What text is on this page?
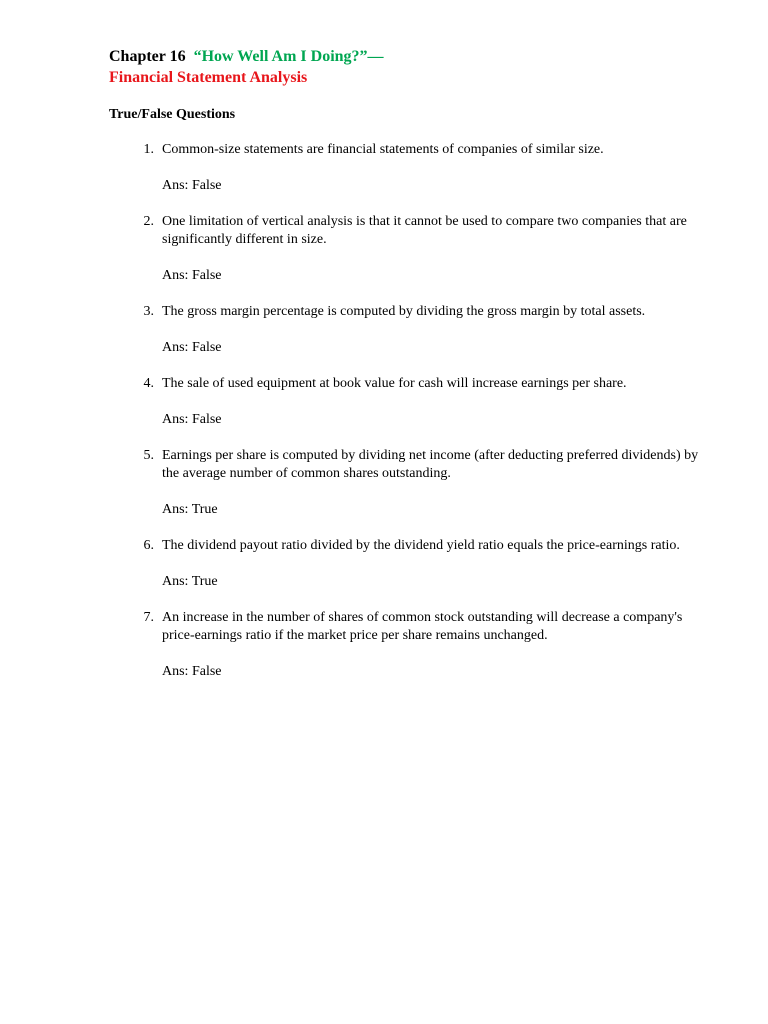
Chapter 16 “How Well Am I Doing?”—

Financial Statement Analysis

True/False Questions

1. Common-size statements are financial statements of companies of similar size.

Ans: False

2. One limitation of vertical analysis is that it cannot be used to compare two companies that are significantly different in size.

Ans: False

3. The gross margin percentage is computed by dividing the gross margin by total assets.

Ans: False

4. The sale of used equipment at book value for cash will increase earnings per share.

Ans: False

5. Earnings per share is computed by dividing net income (after deducting preferred dividends) by the average number of common shares outstanding.

Ans: True

6. The dividend payout ratio divided by the dividend yield ratio equals the price-earnings ratio.

Ans: True

7. An increase in the number of shares of common stock outstanding will decrease a company's price-earnings ratio if the market price per share remains unchanged.

Ans: False
